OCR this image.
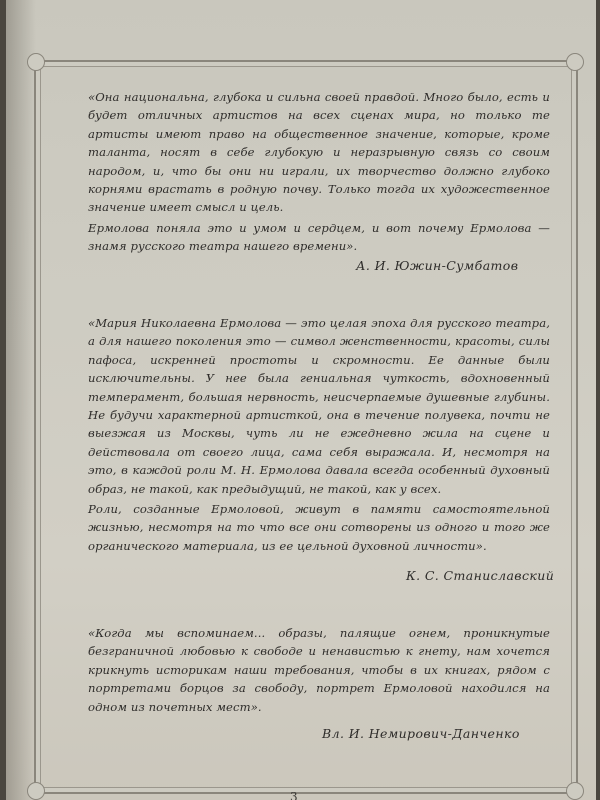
«Она национальна, глубока и сильна своей правдой. Много было, есть и будет отличных артистов на всех сценах мира, но только те артисты имеют право на общественное значение, которые, кроме таланта, носят в себе глубокую и неразрывную связь со своим народом, и, что бы они ни играли, их творчество должно глубоко корнями врастать в родную почву. Только тогда их художественное значение имеет смысл и цель.

Ермолова поняла это и умом и сердцем, и вот почему Ермолова — знамя русского театра нашего времени».

А. И. Южин-Сумбатов

«Мария Николаевна Ермолова — это целая эпоха для русского театра, а для нашего поколения это — символ женственности, красоты, силы пафоса, искренней простоты и скромности. Ее данные были исключительны. У нее была гениальная чуткость, вдохновенный темперамент, большая нервность, неисчерпаемые душевные глубины. Не будучи характерной артисткой, она в течение полувека, почти не выезжая из Москвы, чуть ли не ежедневно жила на сцене и действовала от своего лица, сама себя выражала. И, несмотря на это, в каждой роли М. Н. Ермолова давала всегда особенный духовный образ, не такой, как предыдущий, не такой, как у всех.

Роли, созданные Ермоловой, живут в памяти самостоятельной жизнью, несмотря на то что все они сотворены из одного и того же органического материала, из ее цельной духовной личности».

К. С. Станиславский

«Когда мы вспоминаем... образы, палящие огнем, проникнутые безграничной любовью к свободе и ненавистью к гнету, нам хочется крикнуть историкам наши требования, чтобы в их книгах, рядом с портретами борцов за свободу, портрет Ермоловой находился на одном из почетных мест».

Вл. И. Немирович-Данченко
3
